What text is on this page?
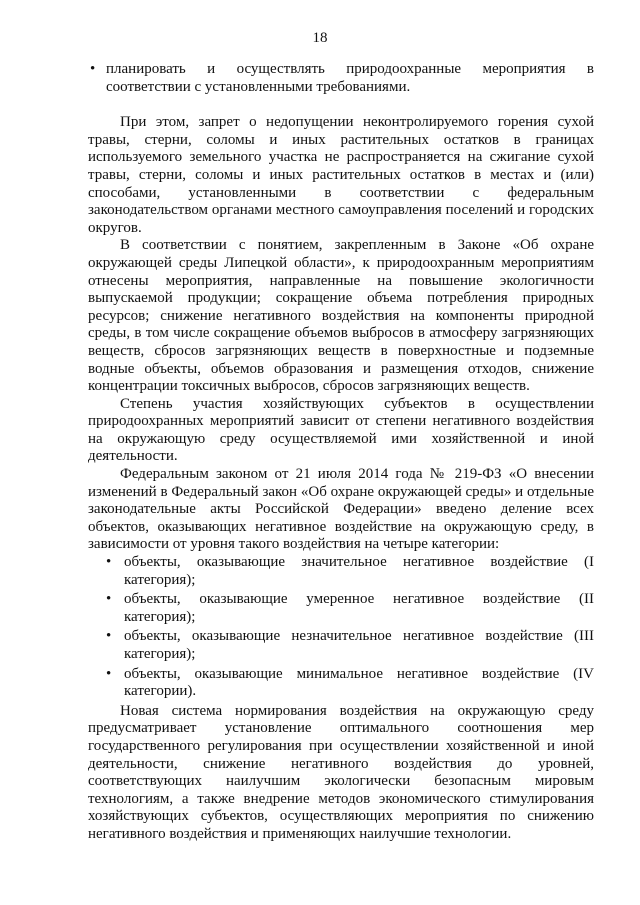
18
• планировать и осуществлять природоохранные мероприятия в соответствии с установленными требованиями.

При этом, запрет о недопущении неконтролируемого горения сухой травы, стерни, соломы и иных растительных остатков в границах используемого земельного участка не распространяется на сжигание сухой травы, стерни, соломы и иных растительных остатков в местах и (или) способами, установленными в соответствии с федеральным законодательством органами местного самоуправления поселений и городских округов.

В соответствии с понятием, закрепленным в Законе «Об охране окружающей среды Липецкой области», к природоохранным мероприятиям отнесены мероприятия, направленные на повышение экологичности выпускаемой продукции; сокращение объема потребления природных ресурсов; снижение негативного воздействия на компоненты природной среды, в том числе сокращение объемов выбросов в атмосферу загрязняющих веществ, сбросов загрязняющих веществ в поверхностные и подземные водные объекты, объемов образования и размещения отходов, снижение концентрации токсичных выбросов, сбросов загрязняющих веществ.

Степень участия хозяйствующих субъектов в осуществлении природоохранных мероприятий зависит от степени негативного воздействия на окружающую среду осуществляемой ими хозяйственной и иной деятельности.

Федеральным законом от 21 июля 2014 года № 219-ФЗ «О внесении изменений в Федеральный закон «Об охране окружающей среды» и отдельные законодательные акты Российской Федерации» введено деление всех объектов, оказывающих негативное воздействие на окружающую среду, в зависимости от уровня такого воздействия на четыре категории:

• объекты, оказывающие значительное негативное воздействие (I категория);
• объекты, оказывающие умеренное негативное воздействие (II категория);
• объекты, оказывающие незначительное негативное воздействие (III категория);
• объекты, оказывающие минимальное негативное воздействие (IV категории).

Новая система нормирования воздействия на окружающую среду предусматривает установление оптимального соотношения мер государственного регулирования при осуществлении хозяйственной и иной деятельности, снижение негативного воздействия до уровней, соответствующих наилучшим экологически безопасным мировым технологиям, а также внедрение методов экономического стимулирования хозяйствующих субъектов, осуществляющих мероприятия по снижению негативного воздействия и применяющих наилучшие технологии.
